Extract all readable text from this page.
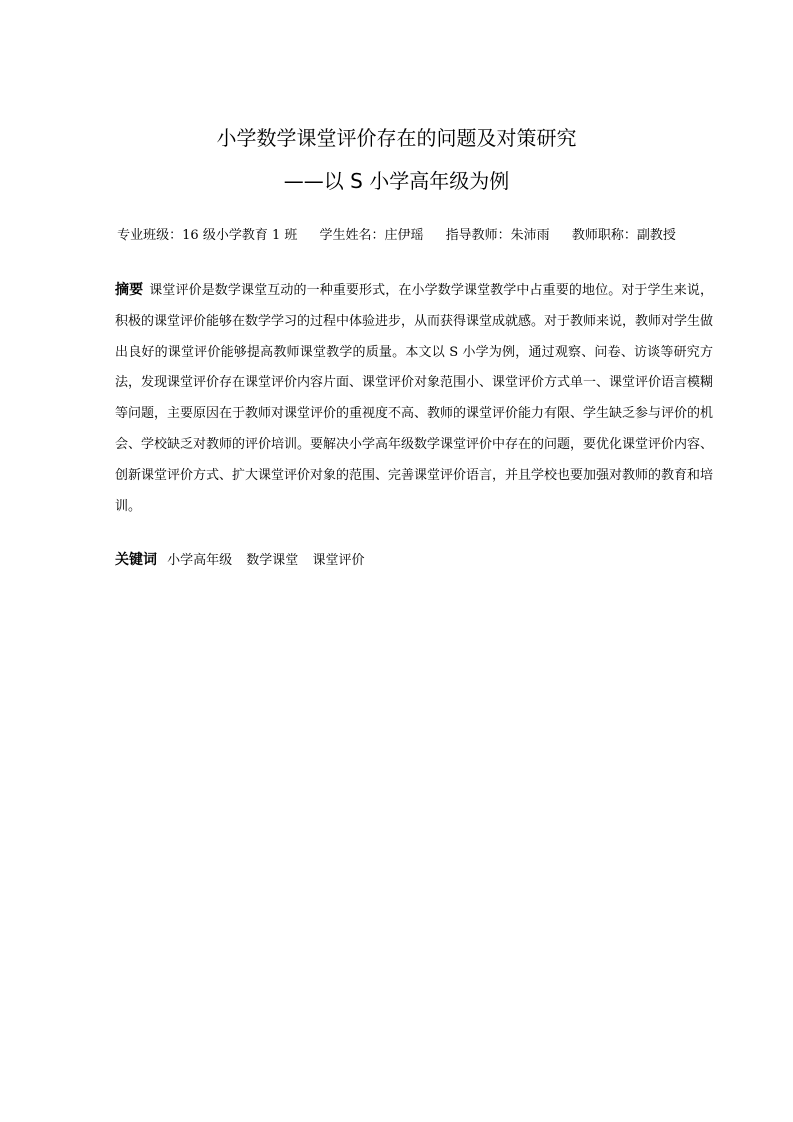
小学数学课堂评价存在的问题及对策研究
——以 S 小学高年级为例
专业班级：16 级小学教育 1 班 学生姓名：庄伊瑶 指导教师：朱沛雨 教师职称：副教授
摘要 课堂评价是数学课堂互动的一种重要形式，在小学数学课堂教学中占重要的地位。对于学生来说，积极的课堂评价能够在数学学习的过程中体验进步，从而获得课堂成就感。对于教师来说，教师对学生做出良好的课堂评价能够提高教师课堂教学的质量。本文以 S 小学为例，通过观察、问卷、访谈等研究方法，发现课堂评价存在课堂评价内容片面、课堂评价对象范围小、课堂评价方式单一、课堂评价语言模糊等问题，主要原因在于教师对课堂评价的重视度不高、教师的课堂评价能力有限、学生缺乏参与评价的机会、学校缺乏对教师的评价培训。要解决小学高年级数学课堂评价中存在的问题，要优化课堂评价内容、创新课堂评价方式、扩大课堂评价对象的范围、完善课堂评价语言，并且学校也要加强对教师的教育和培训。
关键词 小学高年级 数学课堂 课堂评价
